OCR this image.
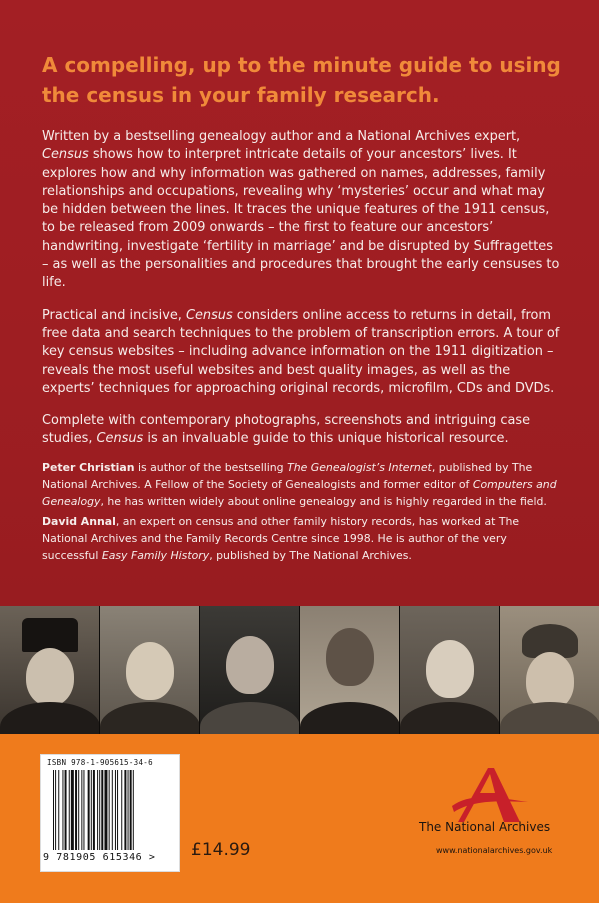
A compelling, up to the minute guide to using the census in your family research.

Written by a bestselling genealogy author and a National Archives expert, Census shows how to interpret intricate details of your ancestors’ lives. It explores how and why information was gathered on names, addresses, family relationships and occupations, revealing why ‘mysteries’ occur and what may be hidden between the lines. It traces the unique features of the 1911 census, to be released from 2009 onwards – the first to feature our ancestors’ handwriting, investigate ‘fertility in marriage’ and be disrupted by Suffragettes – as well as the personalities and procedures that brought the early censuses to life.

Practical and incisive, Census considers online access to returns in detail, from free data and search techniques to the problem of transcription errors. A tour of key census websites – including advance information on the 1911 digitization – reveals the most useful websites and best quality images, as well as the experts’ techniques for approaching original records, microfilm, CDs and DVDs.

Complete with contemporary photographs, screenshots and intriguing case studies, Census is an invaluable guide to this unique historical resource.

Peter Christian is author of the bestselling The Genealogist’s Internet, published by The National Archives. A Fellow of the Society of Genealogists and former editor of Computers and Genealogy, he has written widely about online genealogy and is highly regarded in the field.

David Annal, an expert on census and other family history records, has worked at The National Archives and the Family Records Centre since 1998. He is author of the very successful Easy Family History, published by The National Archives.

ISBN 978-1-905615-34-6
9 781905 615346 >	£14.99
The National Archives
www.nationalarchives.gov.uk
